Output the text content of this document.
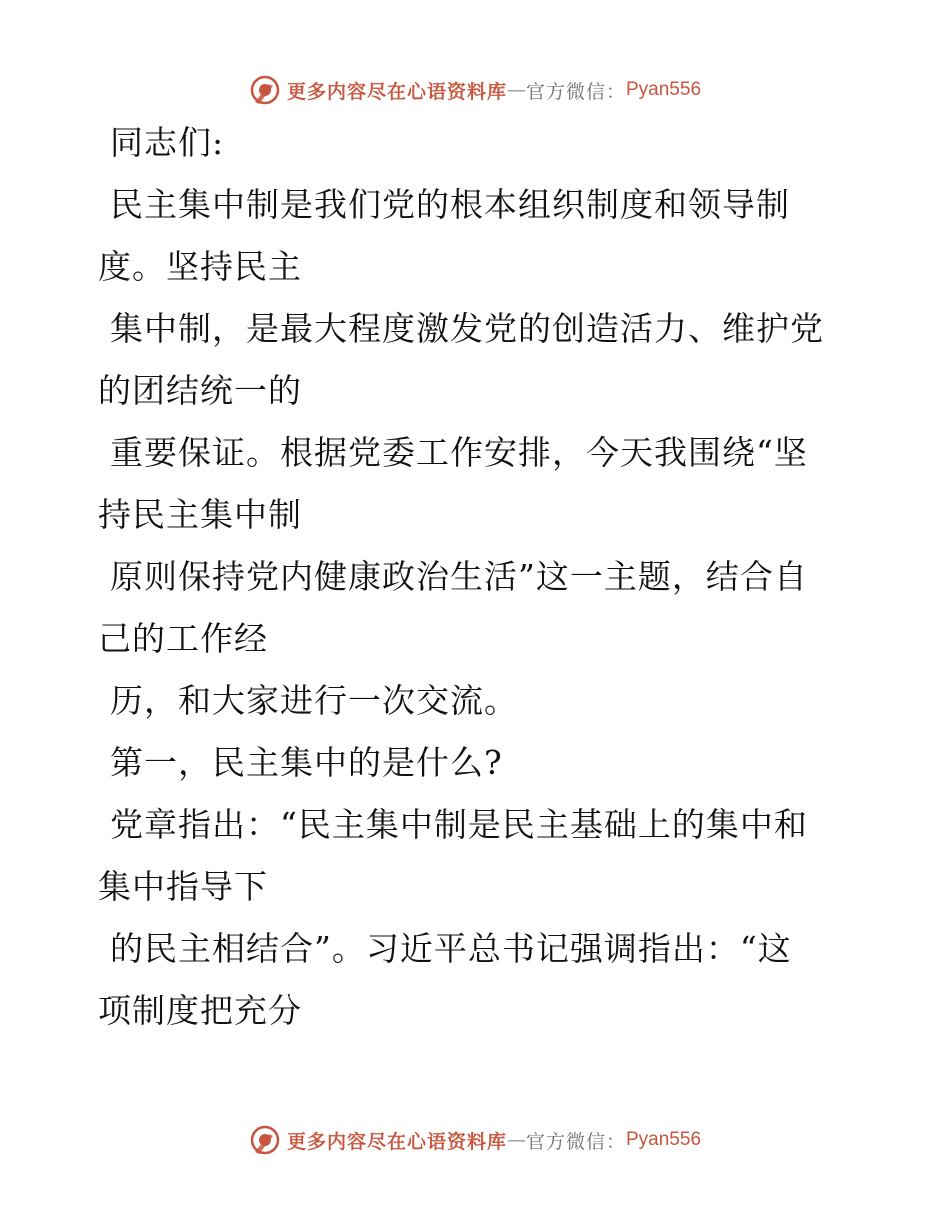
更多内容尽在心语资料库 — 官方微信： Pyan556
同志们:
民主集中制是我们党的根本组织制度和领导制
度。坚持民主
集中制，是最大程度激发党的创造活力、维护党
的团结统一的
重要保证。根据党委工作安排，今天我围绕“坚
持民主集中制
原则保持党内健康政治生活”这一主题，结合自
己的工作经
历，和大家进行一次交流。
第一，民主集中的是什么?
党章指出：“民主集中制是民主基础上的集中和
集中指导下
的民主相结合”。习近平总书记强调指出：“这
项制度把充分
更多内容尽在心语资料库 — 官方微信： Pyan556
